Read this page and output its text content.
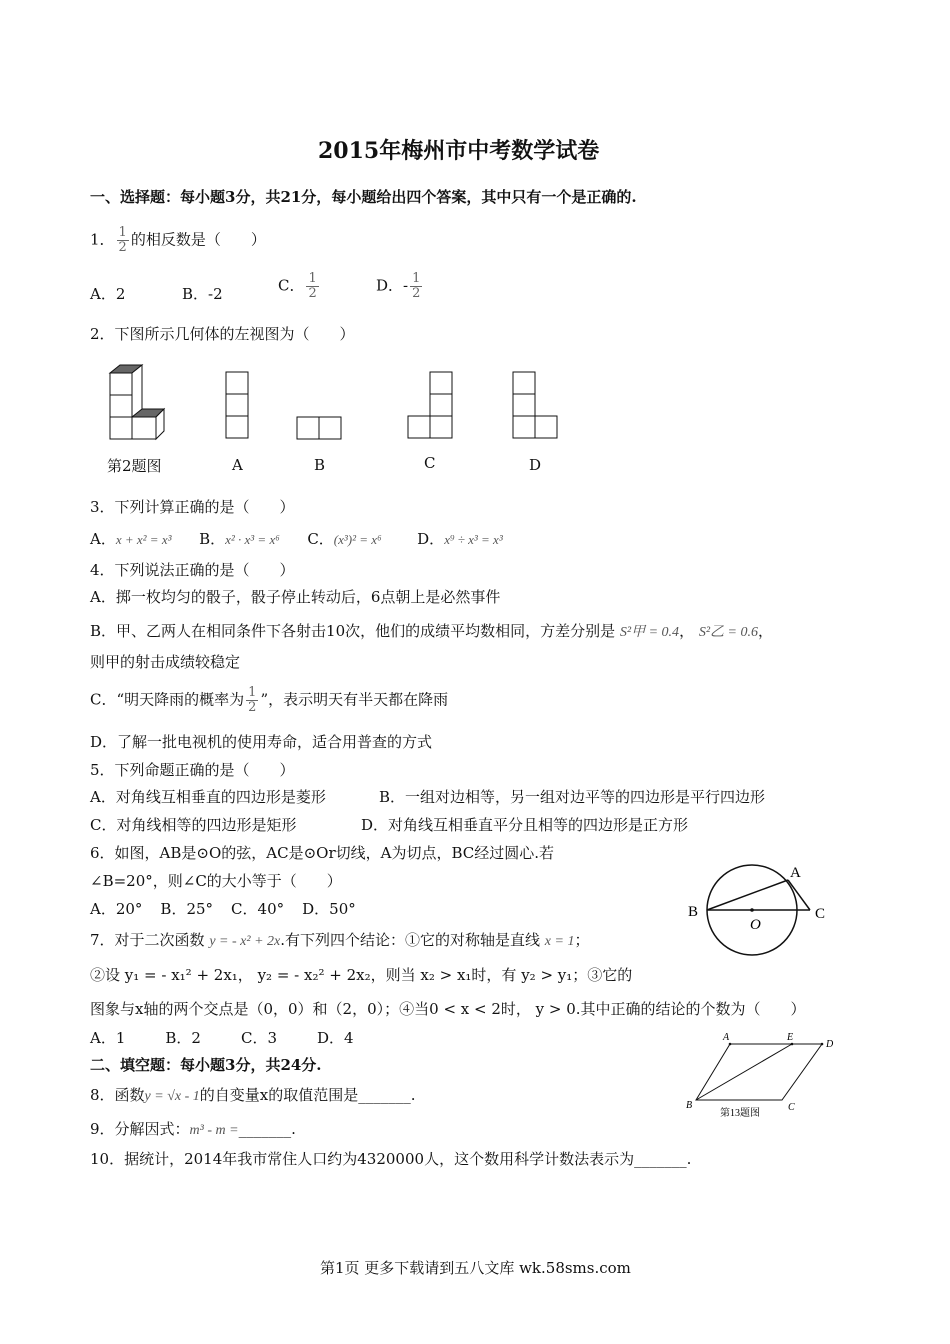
2015年梅州市中考数学试卷
一、选择题：每小题3分，共21分，每小题给出四个答案，其中只有一个是正确的.
1． $\frac{1}{2}$ 的相反数是（　　）
A．2	B．-2	C． $\frac{1}{2}$	D．- $\frac{1}{2}$
2．下图所示几何体的左视图为（　　）
第2题图	A	B	C	D
3．下列计算正确的是（　　）
A．x + x² = x³ B．x² · x³ = x⁶ C．(x³)² = x⁶ D．x⁹ ÷ x³ = x³
4．下列说法正确的是（　　）
A．掷一枚均匀的骰子，骰子停止转动后，6点朝上是必然事件
B．甲、乙两人在相同条件下各射击10次，他们的成绩平均数相同，方差分别是 S²甲 = 0.4， S²乙 = 0.6，
则甲的射击成绩较稳定
C．“明天降雨的概率为 $\frac{1}{2}$ ”，表示明天有半天都在降雨
D．了解一批电视机的使用寿命，适合用普查的方式
5．下列命题正确的是（　　）
A．对角线互相垂直的四边形是菱形	B．一组对边相等，另一组对边平等的四边形是平行四边形
C．对角线相等的四边形是矩形	D．对角线互相垂直平分且相等的四边形是正方形
6．如图，AB是⊙O的弦，AC是⊙Or切线，A为切点，BC经过圆心.若
∠B=20°，则∠C的大小等于（　　）
A．20° B．25° C．40° D．50°
A
B	C
O
7．对于二次函数 y = - x² + 2x.有下列四个结论：①它的对称轴是直线 x = 1；
②设 y₁ = - x₁² + 2x₁， y₂ = - x₂² + 2x₂，则当 x₂ > x₁时，有 y₂ > y₁；③它的
图象与x轴的两个交点是（0，0）和（2，0）；④当0 < x < 2时， y > 0.其中正确的结论的个数为（　　）
A．1	B．2	C．3	D．4	A	E
D
B	C
第13题图
二、填空题：每小题3分，共24分.
8．函数y = √x - 1的自变量x的取值范围是_______.
9．分解因式：m³ - m =_______.
10．据统计，2014年我市常住人口约为4320000人，这个数用科学计数法表示为_______.
第1页 更多下载请到五八文库 wk.58sms.com
